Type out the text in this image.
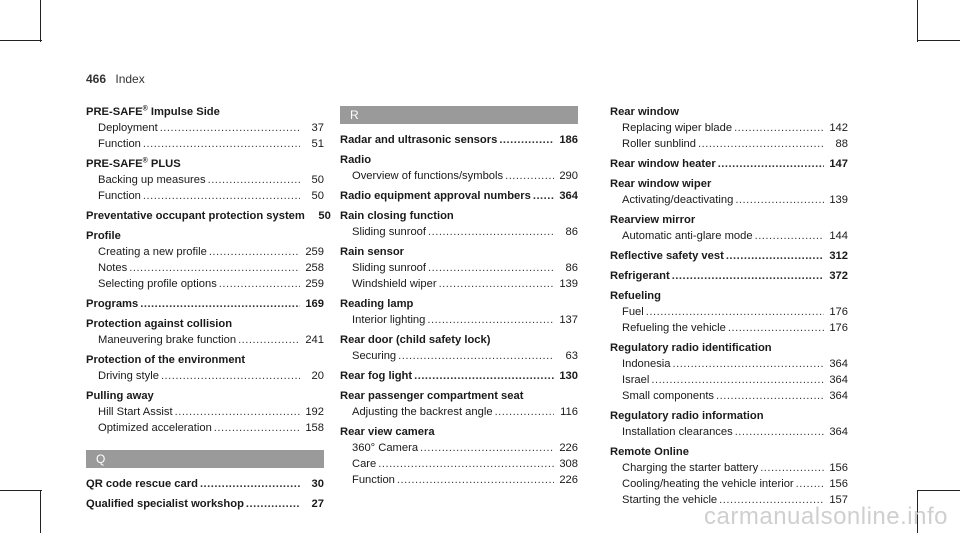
466 Index
PRE-SAFE® Impulse Side
Deployment .....	37
Function .....	51
PRE-SAFE® PLUS
Backing up measures .....	50
Function .....	50
Preventative occupant protection system	50
Profile
Creating a new profile .....	259
Notes .....	258
Selecting profile options .....	259
Programs .....	169
Protection against collision
Maneuvering brake function .....	241
Protection of the environment
Driving style .....	20
Pulling away
Hill Start Assist .....	192
Optimized acceleration .....	158
Q
QR code rescue card .....	30
Qualified specialist workshop .....	27
R
Radar and ultrasonic sensors .....	186
Radio
Overview of functions/symbols .....	290
Radio equipment approval numbers .....	364
Rain closing function
Sliding sunroof .....	86
Rain sensor
Sliding sunroof .....	86
Windshield wiper .....	139
Reading lamp
Interior lighting .....	137
Rear door (child safety lock)
Securing .....	63
Rear fog light .....	130
Rear passenger compartment seat
Adjusting the backrest angle .....	116
Rear view camera
360° Camera .....	226
Care .....	308
Function .....	226
Rear window
Replacing wiper blade .....	142
Roller sunblind .....	88
Rear window heater .....	147
Rear window wiper
Activating/deactivating .....	139
Rearview mirror
Automatic anti-glare mode .....	144
Reflective safety vest .....	312
Refrigerant .....	372
Refueling
Fuel .....	176
Refueling the vehicle .....	176
Regulatory radio identification
Indonesia .....	364
Israel .....	364
Small components .....	364
Regulatory radio information
Installation clearances .....	364
Remote Online
Charging the starter battery .....	156
Cooling/heating the vehicle interior .....	156
Starting the vehicle .....	157
carmanualsonline.info
